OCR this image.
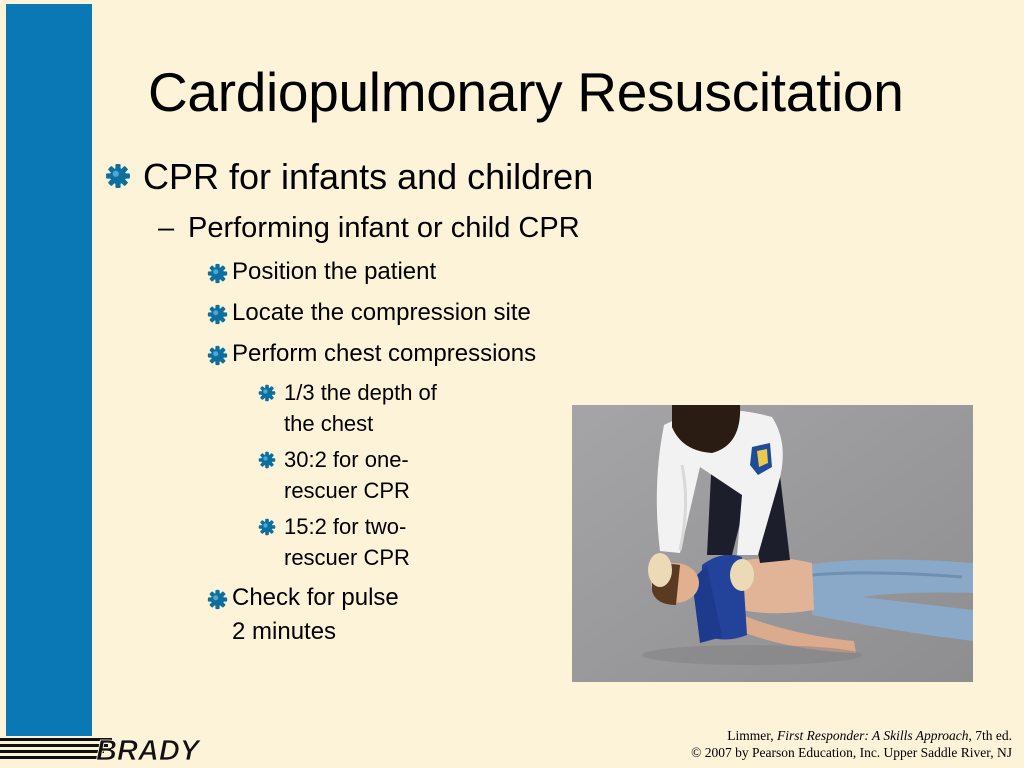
Cardiopulmonary Resuscitation
CPR for infants and children
– Performing infant or child CPR
Position the patient
Locate the compression site
Perform chest compressions
1/3 the depth of
the chest
30:2 for one-
rescuer CPR
15:2 for two-
rescuer CPR
Check for pulse
2 minutes
Limmer, First Responder: A Skills Approach, 7th ed.
© 2007 by Pearson Education, Inc. Upper Saddle River, NJ
BRADY
